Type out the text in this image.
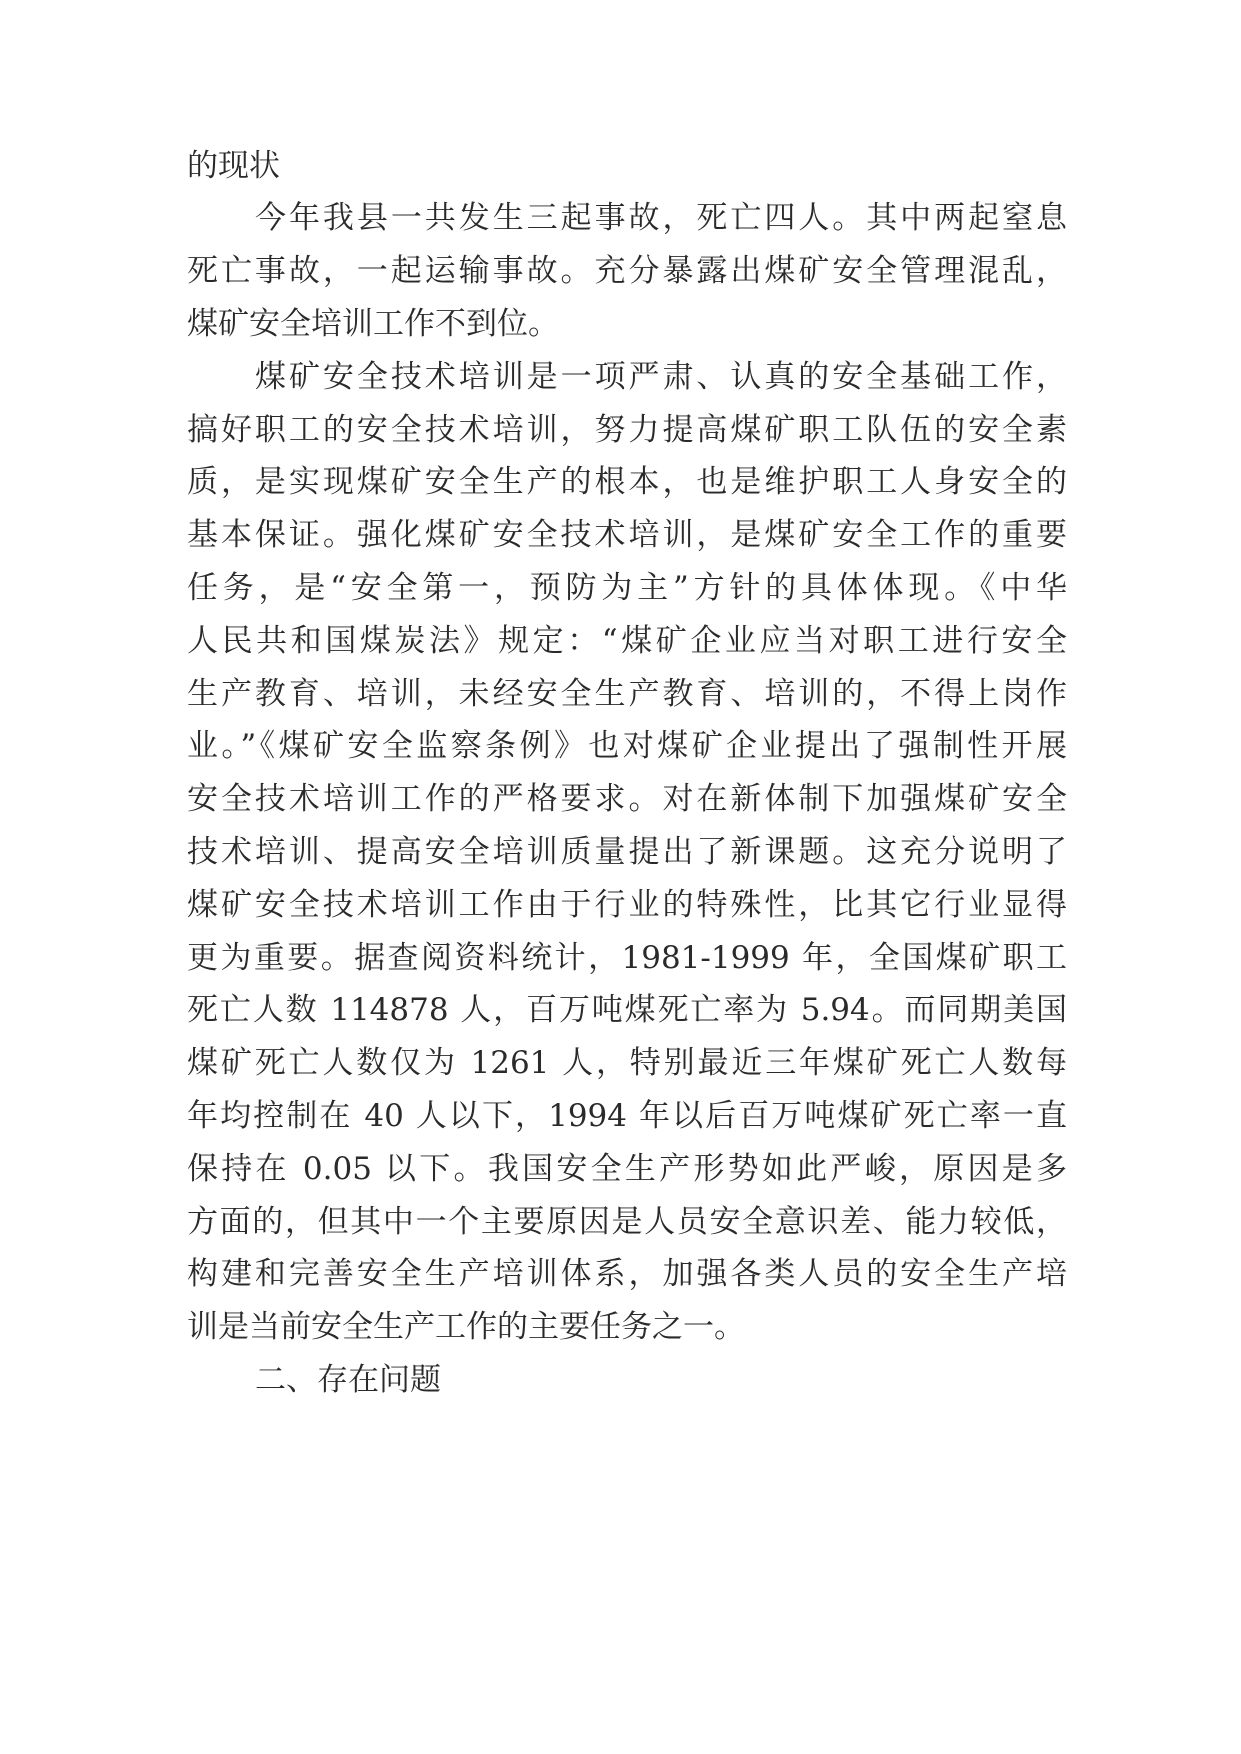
的现状
今年我县一共发生三起事故，死亡四人。其中两起窒息
死亡事故，一起运输事故。充分暴露出煤矿安全管理混乱，
煤矿安全培训工作不到位。
煤矿安全技术培训是一项严肃、认真的安全基础工作，
搞好职工的安全技术培训，努力提高煤矿职工队伍的安全素
质，是实现煤矿安全生产的根本，也是维护职工人身安全的
基本保证。强化煤矿安全技术培训，是煤矿安全工作的重要
任务，是“安全第一，预防为主”方针的具体体现。《中华
人民共和国煤炭法》规定：“煤矿企业应当对职工进行安全
生产教育、培训，未经安全生产教育、培训的，不得上岗作
业。”《煤矿安全监察条例》也对煤矿企业提出了强制性开展
安全技术培训工作的严格要求。对在新体制下加强煤矿安全
技术培训、提高安全培训质量提出了新课题。这充分说明了
煤矿安全技术培训工作由于行业的特殊性，比其它行业显得
更为重要。据查阅资料统计，1981-1999 年，全国煤矿职工
死亡人数 114878 人，百万吨煤死亡率为 5.94。而同期美国
煤矿死亡人数仅为 1261 人，特别最近三年煤矿死亡人数每
年均控制在 40 人以下，1994 年以后百万吨煤矿死亡率一直
保持在 0.05 以下。我国安全生产形势如此严峻，原因是多
方面的，但其中一个主要原因是人员安全意识差、能力较低，
构建和完善安全生产培训体系，加强各类人员的安全生产培
训是当前安全生产工作的主要任务之一。
二、存在问题
